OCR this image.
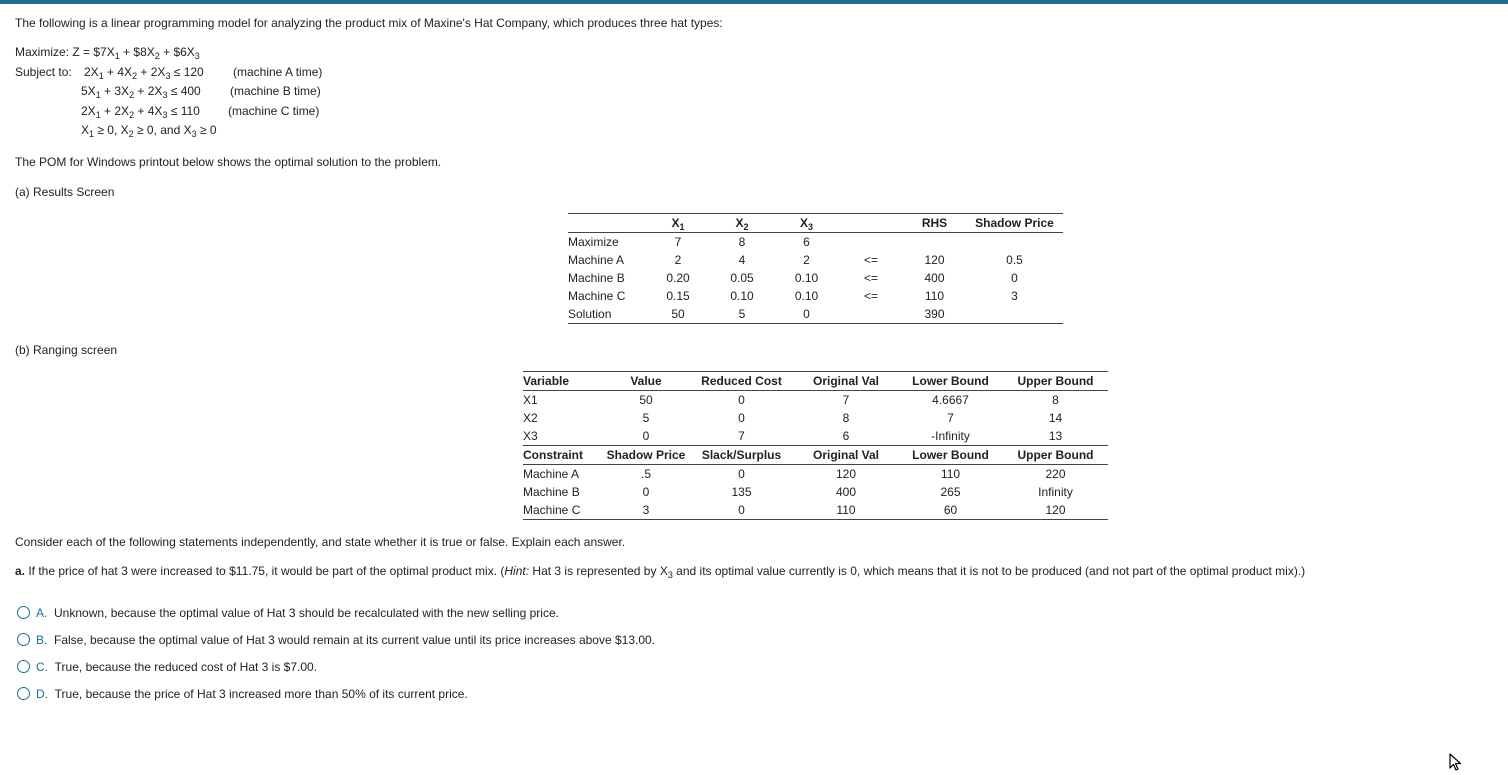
The following is a linear programming model for analyzing the product mix of Maxine's Hat Company, which produces three hat types:
Maximize: $Z = \$7X_1$ + $\$8X_2$ + $\$6X_3$
Subject to: $2X_1 + 4X_2 + 2X_3 \le 120$ (machine A time)
$5X_1 + 3X_2 + 2X_3 \le 400$ (machine B time)
$2X_1 + 2X_2 + 4X_3 \le 110$ (machine C time)
$X_1 \ge 0$, $X_2 \ge 0$, and $X_3 \ge 0$
The POM for Windows printout below shows the optimal solution to the problem.
(a) Results Screen
	$X_1$	$X_2$	$X_3$		RHS	Shadow Price
Maximize	7	8	6			
Machine A	2	4	2	<=	120	0.5
Machine B	0.20	0.05	0.10	<=	400	0
Machine C	0.15	0.10	0.10	<=	110	3
Solution	50	5	0		390	
(b) Ranging screen
Variable	Value	Reduced Cost	Original Val	Lower Bound	Upper Bound
X1	50	0	7	4.6667	8
X2	5	0	8	7	14
X3	0	7	6	-Infinity	13
Constraint	Shadow Price	Slack/Surplus	Original Val	Lower Bound	Upper Bound
Machine A	.5	0	120	110	220
Machine B	0	135	400	265	Infinity
Machine C	3	0	110	60	120
Consider each of the following statements independently, and state whether it is true or false. Explain each answer.
a. If the price of hat 3 were increased to $11.75, it would be part of the optimal product mix. (Hint: Hat 3 is represented by $X_3$ and its optimal value currently is 0, which means that it is not to be produced (and not part of the optimal product mix).)
A. Unknown, because the optimal value of Hat 3 should be recalculated with the new selling price.
B. False, because the optimal value of Hat 3 would remain at its current value until its price increases above $13.00.
C. True, because the reduced cost of Hat 3 is $7.00.
D. True, because the price of Hat 3 increased more than 50% of its current price.
